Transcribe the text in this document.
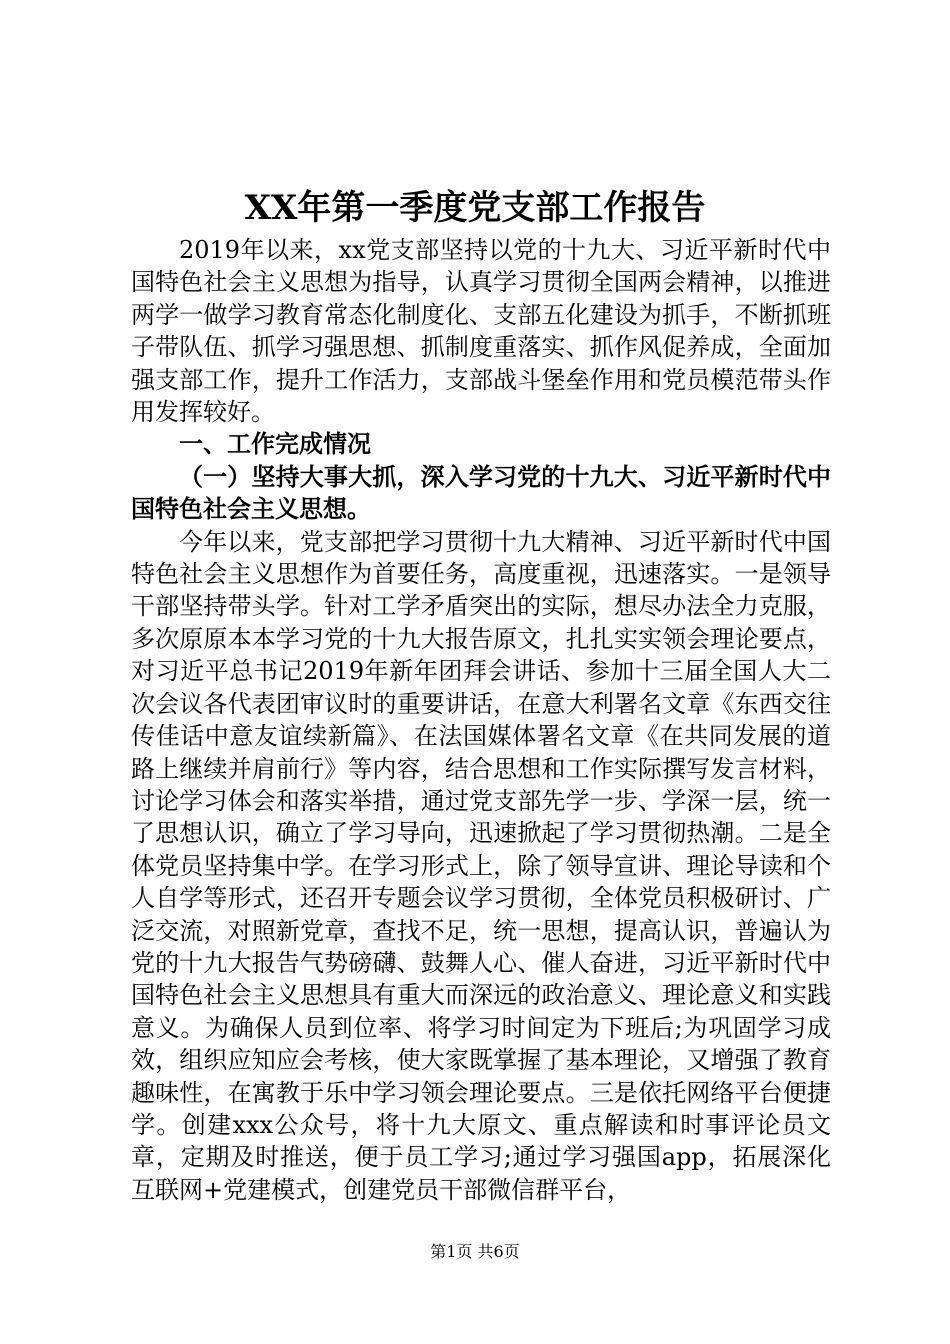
XX年第一季度党支部工作报告

2019年以来，xx党支部坚持以党的十九大、习近平新时代中国特色社会主义思想为指导，认真学习贯彻全国两会精神，以推进两学一做学习教育常态化制度化、支部五化建设为抓手，不断抓班子带队伍、抓学习强思想、抓制度重落实、抓作风促养成，全面加强支部工作，提升工作活力，支部战斗堡垒作用和党员模范带头作用发挥较好。

一、工作完成情况

（一）坚持大事大抓，深入学习党的十九大、习近平新时代中国特色社会主义思想。

今年以来，党支部把学习贯彻十九大精神、习近平新时代中国特色社会主义思想作为首要任务，高度重视，迅速落实。一是领导干部坚持带头学。针对工学矛盾突出的实际，想尽办法全力克服，多次原原本本学习党的十九大报告原文，扎扎实实领会理论要点，对习近平总书记2019年新年团拜会讲话、参加十三届全国人大二次会议各代表团审议时的重要讲话，在意大利署名文章《东西交往传佳话中意友谊续新篇》、在法国媒体署名文章《在共同发展的道路上继续并肩前行》等内容，结合思想和工作实际撰写发言材料，讨论学习体会和落实举措，通过党支部先学一步、学深一层，统一了思想认识，确立了学习导向，迅速掀起了学习贯彻热潮。二是全体党员坚持集中学。在学习形式上，除了领导宣讲、理论导读和个人自学等形式，还召开专题会议学习贯彻，全体党员积极研讨、广泛交流，对照新党章，查找不足，统一思想，提高认识，普遍认为党的十九大报告气势磅礴、鼓舞人心、催人奋进，习近平新时代中国特色社会主义思想具有重大而深远的政治意义、理论意义和实践意义。为确保人员到位率、将学习时间定为下班后;为巩固学习成效，组织应知应会考核，使大家既掌握了基本理论，又增强了教育趣味性，在寓教于乐中学习领会理论要点。三是依托网络平台便捷学。创建xxx公众号，将十九大原文、重点解读和时事评论员文章，定期及时推送，便于员工学习;通过学习强国app，拓展深化互联网+党建模式，创建党员干部微信群平台，

第1页 共6页
